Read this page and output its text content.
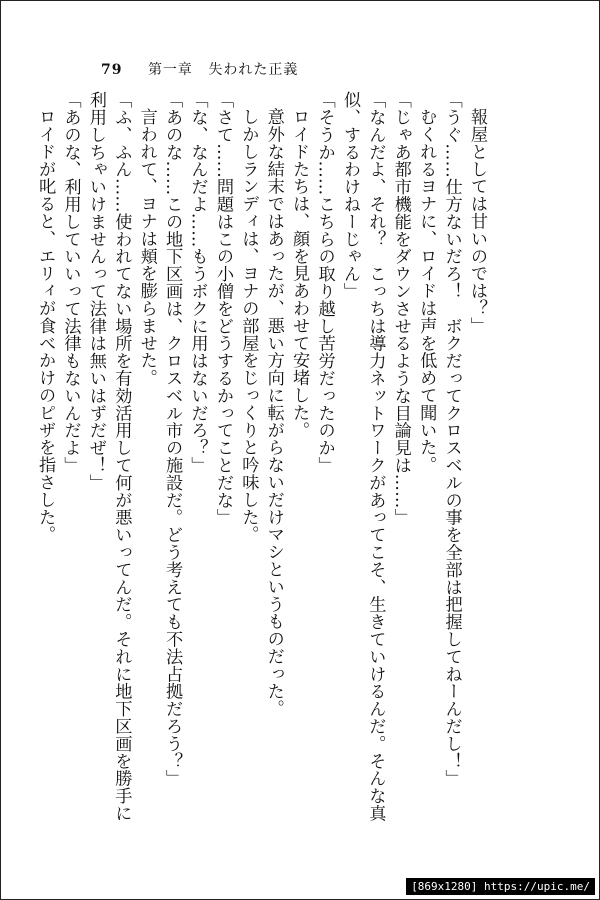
79 第一章 失われた正義
報屋としては甘いのでは？」
「うぐ……仕方ないだろ！　ボクだってクロスベルの事を全部は把握してねーんだし！」
むくれるヨナに、ロイドは声を低めて聞いた。
「じゃあ都市機能をダウンさせるような目論見は……」
「なんだよ、それ？　こっちは導力ネットワークがあってこそ、生きていけるんだ。そんな真
似、するわけねーじゃん」
「そうか……こちらの取り越し苦労だったのか」
ロイドたちは、顔を見あわせて安堵した。
意外な結末ではあったが、悪い方向に転がらないだけマシというものだった。
しかしランディは、ヨナの部屋をじっくりと吟味した。
「さて……問題はこの小僧をどうするかってことだな」
「な、なんだよ……もうボクに用はないだろ？」
「あのな……この地下区画は、クロスベル市の施設だ。どう考えても不法占拠だろう？」
言われて、ヨナは頬を膨らませた。
「ふ、ふん……使われてない場所を有効活用して何が悪いってんだ。それに地下区画を勝手に
利用しちゃいけませんって法律は無いはずだぜ！」
「あのな、利用していいって法律もないんだよ」
ロイドが叱ると、エリィが食べかけのピザを指さした。
[869x1280] https://upic.me/
